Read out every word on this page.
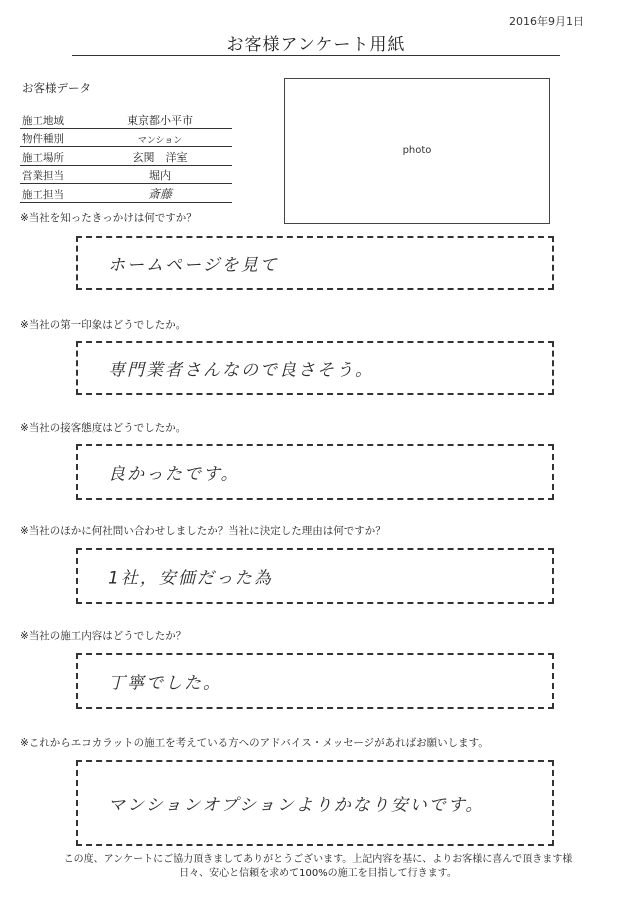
2016年9月1日
お客様アンケート用紙
お客様データ
施工地域	東京都小平市
物件種別	マンション
施工場所	玄関　洋室
営業担当	堀内
施工担当	斎藤
photo
※当社を知ったきっかけは何ですか？
ホームページを見て
※当社の第一印象はどうでしたか。
専門業者さんなので良さそう。
※当社の接客態度はどうでしたか。
良かったです。
※当社のほかに何社問い合わせしましたか？当社に決定した理由は何ですか？
1社，安価だった為
※当社の施工内容はどうでしたか？
丁寧でした。
※これからエコカラットの施工を考えている方へのアドバイス・メッセージがあればお願いします。
マンションオプションよりかなり安いです。
この度、アンケートにご協力頂きましてありがとうございます。上記内容を基に、よりお客様に喜んで頂きます様
日々、安心と信頼を求めて100%の施工を目指して行きます。
